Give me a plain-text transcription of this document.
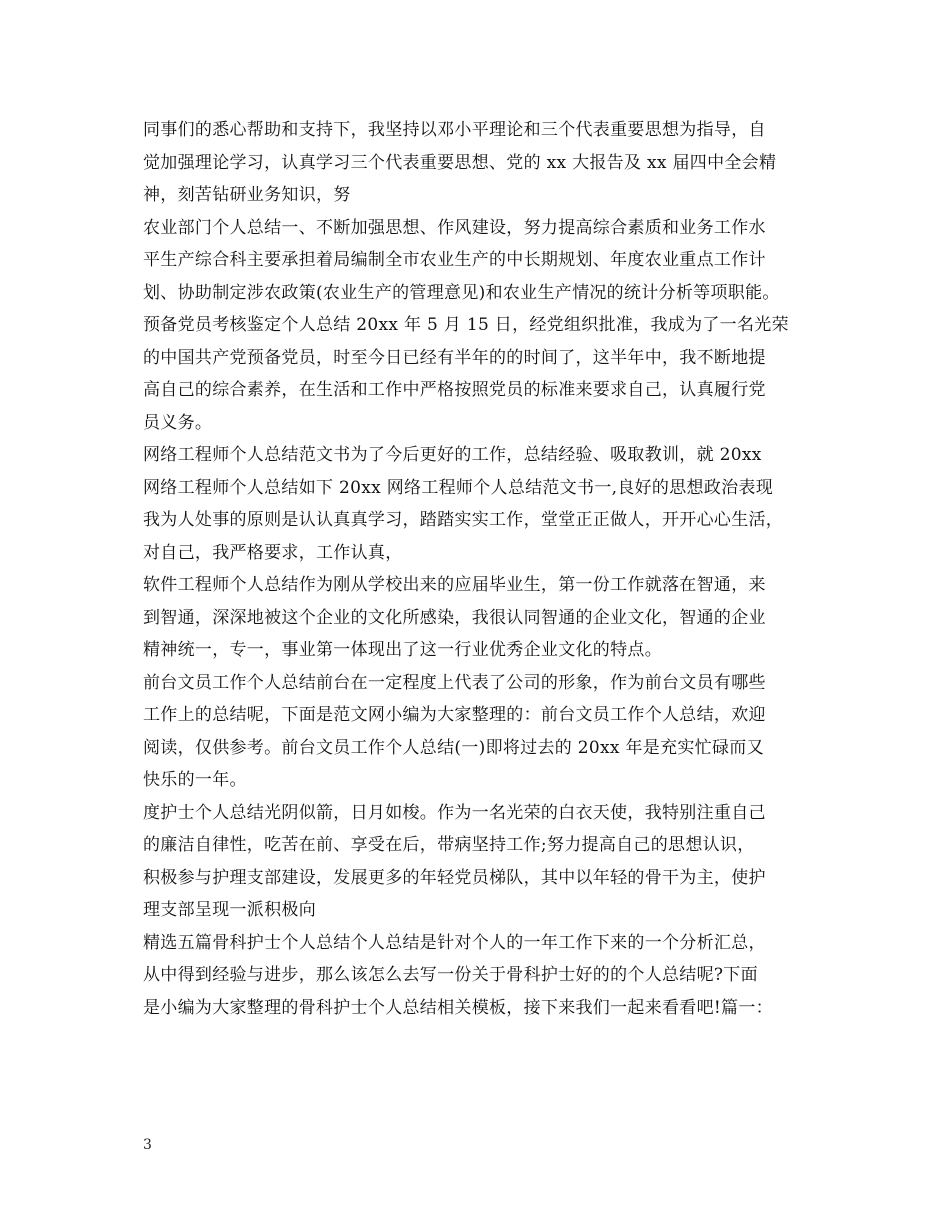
同事们的悉心帮助和支持下，我坚持以邓小平理论和三个代表重要思想为指导，自
觉加强理论学习，认真学习三个代表重要思想、党的 xx 大报告及 xx 届四中全会精
神，刻苦钻研业务知识，努
农业部门个人总结一、不断加强思想、作风建设，努力提高综合素质和业务工作水
平生产综合科主要承担着局编制全市农业生产的中长期规划、年度农业重点工作计
划、协助制定涉农政策(农业生产的管理意见)和农业生产情况的统计分析等项职能。
预备党员考核鉴定个人总结 20xx 年 5 月 15 日，经党组织批准，我成为了一名光荣
的中国共产党预备党员，时至今日已经有半年的的时间了，这半年中，我不断地提
高自己的综合素养，在生活和工作中严格按照党员的标准来要求自己，认真履行党
员义务。
网络工程师个人总结范文书为了今后更好的工作，总结经验、吸取教训，就 20xx
网络工程师个人总结如下 20xx 网络工程师个人总结范文书一,良好的思想政治表现
我为人处事的原则是认认真真学习，踏踏实实工作，堂堂正正做人，开开心心生活，
对自己，我严格要求，工作认真，
软件工程师个人总结作为刚从学校出来的应届毕业生，第一份工作就落在智通，来
到智通，深深地被这个企业的文化所感染，我很认同智通的企业文化，智通的企业
精神统一，专一，事业第一体现出了这一行业优秀企业文化的特点。
前台文员工作个人总结前台在一定程度上代表了公司的形象，作为前台文员有哪些
工作上的总结呢，下面是范文网小编为大家整理的：前台文员工作个人总结，欢迎
阅读，仅供参考。前台文员工作个人总结(一)即将过去的 20xx 年是充实忙碌而又
快乐的一年。
度护士个人总结光阴似箭，日月如梭。作为一名光荣的白衣天使，我特别注重自己
的廉洁自律性，吃苦在前、享受在后，带病坚持工作;努力提高自己的思想认识，
积极参与护理支部建设，发展更多的年轻党员梯队，其中以年轻的骨干为主，使护
理支部呈现一派积极向
精选五篇骨科护士个人总结个人总结是针对个人的一年工作下来的一个分析汇总，
从中得到经验与进步，那么该怎么去写一份关于骨科护士好的的个人总结呢?下面
是小编为大家整理的骨科护士个人总结相关模板，接下来我们一起来看看吧!篇一：
3
